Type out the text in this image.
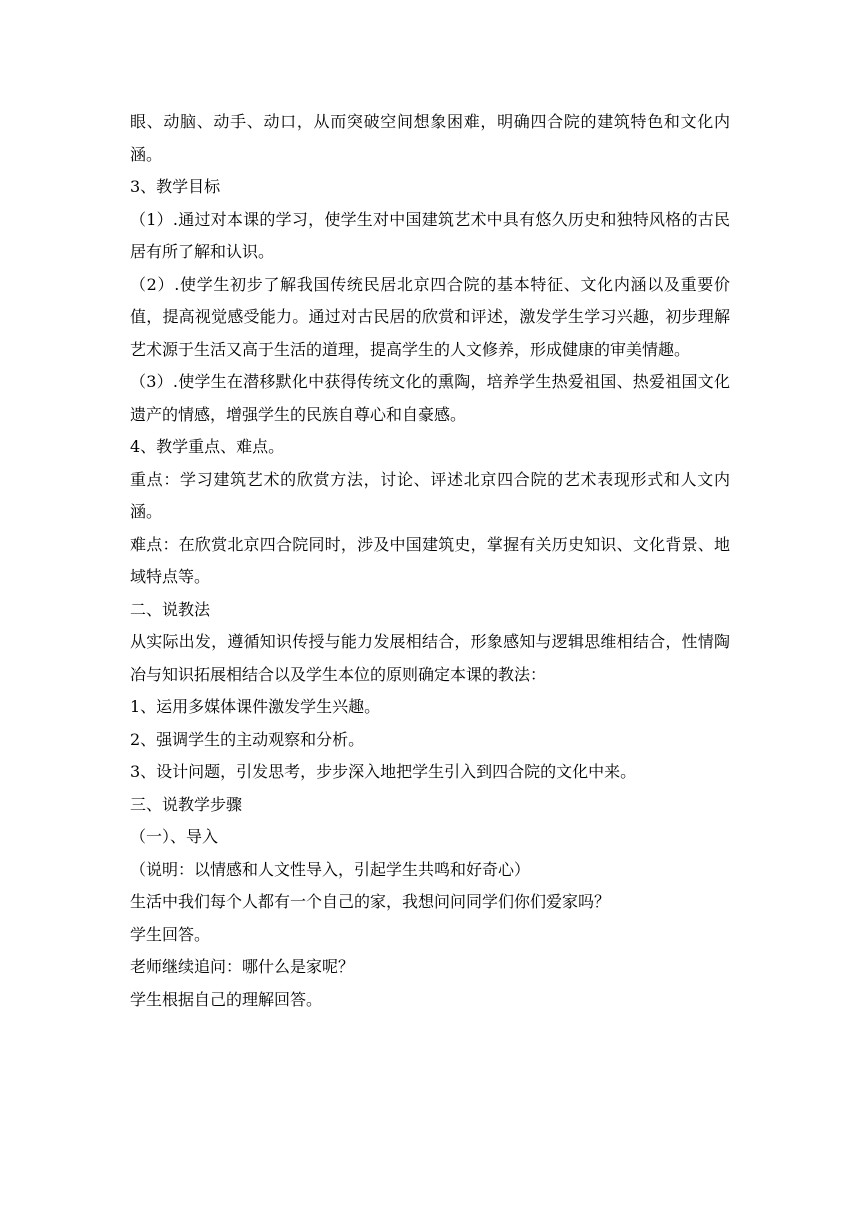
眼、动脑、动手、动口，从而突破空间想象困难，明确四合院的建筑特色和文化内涵。

3、教学目标

（1）.通过对本课的学习，使学生对中国建筑艺术中具有悠久历史和独特风格的古民居有所了解和认识。

（2）.使学生初步了解我国传统民居北京四合院的基本特征、文化内涵以及重要价值，提高视觉感受能力。通过对古民居的欣赏和评述，激发学生学习兴趣，初步理解艺术源于生活又高于生活的道理，提高学生的人文修养，形成健康的审美情趣。

（3）.使学生在潜移默化中获得传统文化的熏陶，培养学生热爱祖国、热爱祖国文化遗产的情感，增强学生的民族自尊心和自豪感。

4、教学重点、难点。

重点：学习建筑艺术的欣赏方法，讨论、评述北京四合院的艺术表现形式和人文内涵。

难点：在欣赏北京四合院同时，涉及中国建筑史，掌握有关历史知识、文化背景、地域特点等。

二、说教法

从实际出发，遵循知识传授与能力发展相结合，形象感知与逻辑思维相结合，性情陶冶与知识拓展相结合以及学生本位的原则确定本课的教法：

1、运用多媒体课件激发学生兴趣。

2、强调学生的主动观察和分析。

3、设计问题，引发思考，步步深入地把学生引入到四合院的文化中来。

三、说教学步骤

（一）、导入

（说明：以情感和人文性导入，引起学生共鸣和好奇心）

生活中我们每个人都有一个自己的家，我想问问同学们你们爱家吗？

学生回答。

老师继续追问：哪什么是家呢？

学生根据自己的理解回答。
